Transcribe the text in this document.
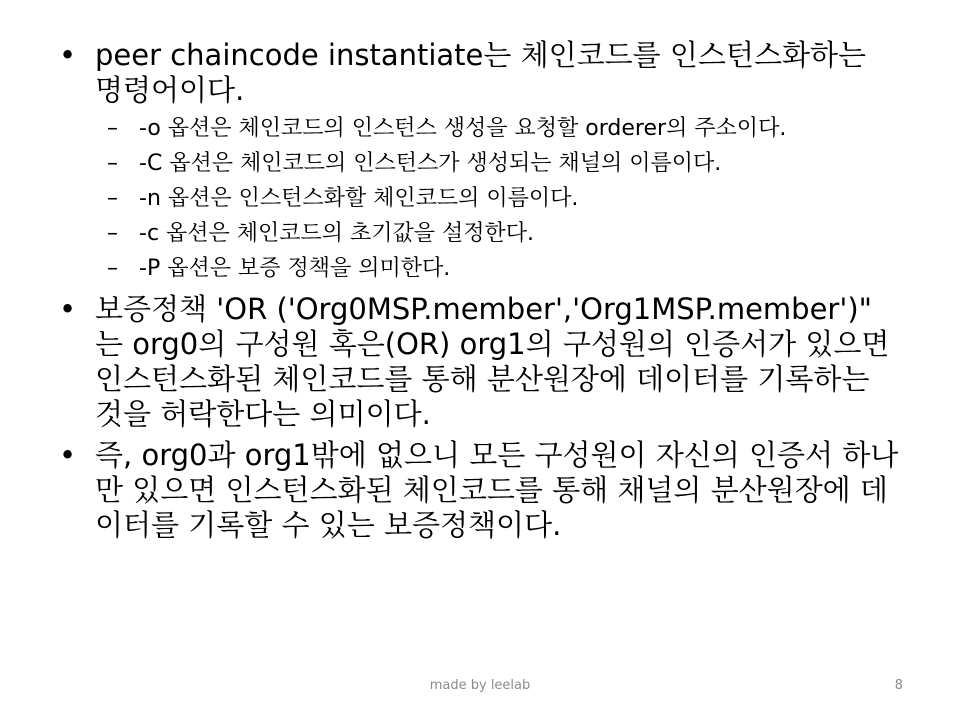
• peer chaincode instantiate는 체인코드를 인스턴스화하는 명령어이다.
– -o 옵션은 체인코드의 인스턴스 생성을 요청할 orderer의 주소이다.
– -C 옵션은 체인코드의 인스턴스가 생성되는 채널의 이름이다.
– -n 옵션은 인스턴스화할 체인코드의 이름이다.
– -c 옵션은 체인코드의 초기값을 설정한다.
– -P 옵션은 보증 정책을 의미한다.
• 보증정책 'OR ('Org0MSP.member','Org1MSP.member')" 는 org0의 구성원 혹은(OR) org1의 구성원의 인증서가 있으면 인스턴스화된 체인코드를 통해 분산원장에 데이터를 기록하는 것을 허락한다는 의미이다.
• 즉, org0과 org1밖에 없으니 모든 구성원이 자신의 인증서 하나만 있으면 인스턴스화된 체인코드를 통해 채널의 분산원장에 데이터를 기록할 수 있는 보증정책이다.
made by leelab	8
